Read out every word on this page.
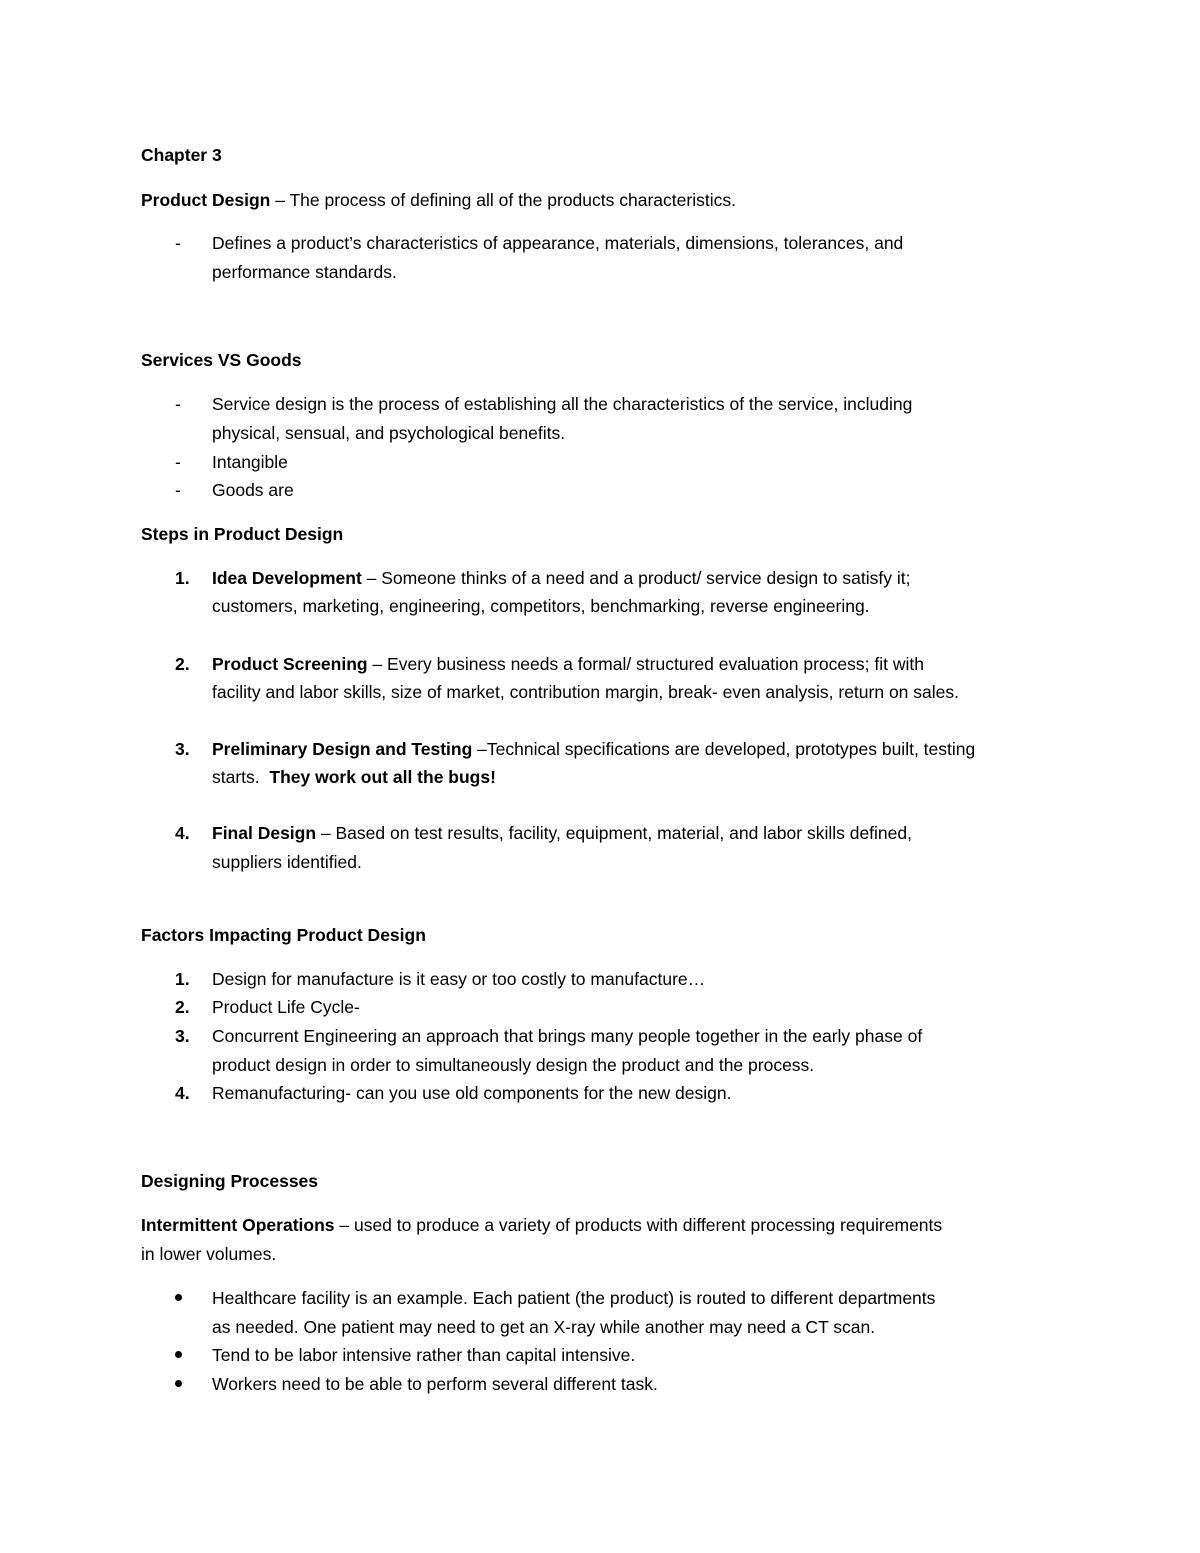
Chapter 3
Product Design – The process of defining all of the products characteristics.
- Defines a product’s characteristics of appearance, materials, dimensions, tolerances, and
performance standards.
Services VS Goods
- Service design is the process of establishing all the characteristics of the service, including
physical, sensual, and psychological benefits.
- Intangible
- Goods are
Steps in Product Design
1. Idea Development – Someone thinks of a need and a product/ service design to satisfy it;
customers, marketing, engineering, competitors, benchmarking, reverse engineering.
2. Product Screening – Every business needs a formal/ structured evaluation process; fit with
facility and labor skills, size of market, contribution margin, break- even analysis, return on sales.
3. Preliminary Design and Testing –Technical specifications are developed, prototypes built, testing
starts.  They work out all the bugs!
4. Final Design – Based on test results, facility, equipment, material, and labor skills defined,
suppliers identified.
Factors Impacting Product Design
1. Design for manufacture is it easy or too costly to manufacture…
2. Product Life Cycle-
3. Concurrent Engineering an approach that brings many people together in the early phase of
product design in order to simultaneously design the product and the process.
4. Remanufacturing- can you use old components for the new design.
Designing Processes
Intermittent Operations – used to produce a variety of products with different processing requirements
in lower volumes.
Healthcare facility is an example. Each patient (the product) is routed to different departments
as needed. One patient may need to get an X-ray while another may need a CT scan.
Tend to be labor intensive rather than capital intensive.
Workers need to be able to perform several different task.
